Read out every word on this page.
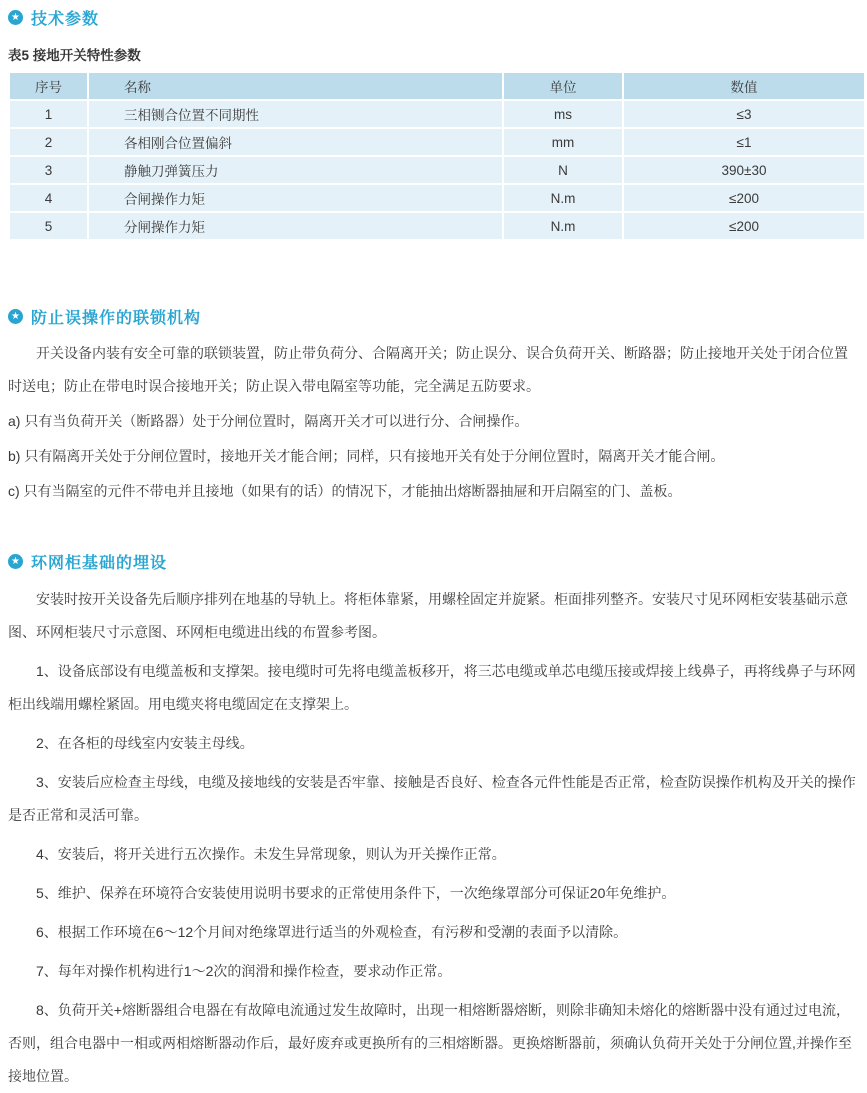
★ 技术参数

表5 接地开关特性参数

序号	名称	单位	数值
1	三相铡合位置不同期性	ms	≤3
2	各相刚合位置偏斜	mm	≤1
3	静触刀弹簧压力	N	390±30
4	合闸操作力矩	N.m	≤200
5	分闸操作力矩	N.m	≤200
★ 防止误操作的联锁机构

开关设备内装有安全可靠的联锁装置，防止带负荷分、合隔离开关；防止误分、误合负荷开关、断路器；防止接地开关处于闭合位置时送电；防止在带电时误合接地开关；防止误入带电隔室等功能，完全满足五防要求。

a) 只有当负荷开关（断路器）处于分闸位置时，隔离开关才可以进行分、合闸操作。

b) 只有隔离开关处于分闸位置时，接地开关才能合闸；同样，只有接地开关有处于分闸位置时，隔离开关才能合闸。

c) 只有当隔室的元件不带电并且接地（如果有的话）的情况下，才能抽出熔断器抽屉和开启隔室的门、盖板。

★ 环网柜基础的埋设

安装时按开关设备先后顺序排列在地基的导轨上。将柜体靠紧，用螺栓固定并旋紧。柜面排列整齐。安装尺寸见环网柜安装基础示意图、环网柜装尺寸示意图、环网柜电缆进出线的布置参考图。

1、设备底部设有电缆盖板和支撑架。接电缆时可先将电缆盖板移开，将三芯电缆或单芯电缆压接或焊接上线鼻子，再将线鼻子与环网柜出线端用螺栓紧固。用电缆夹将电缆固定在支撑架上。

2、在各柜的母线室内安装主母线。

3、安装后应检查主母线，电缆及接地线的安装是否牢靠、接触是否良好、检查各元件性能是否正常，检查防误操作机构及开关的操作是否正常和灵活可靠。

4、安装后，将开关进行五次操作。未发生异常现象，则认为开关操作正常。

5、维护、保养在环境符合安装使用说明书要求的正常使用条件下，一次绝缘罩部分可保证20年免维护。

6、根据工作环境在6～12个月间对绝缘罩进行适当的外观检查，有污秽和受潮的表面予以清除。

7、每年对操作机构进行1～2次的润滑和操作检查，要求动作正常。

8、负荷开关+熔断器组合电器在有故障电流通过发生故障时，出现一相熔断器熔断，则除非确知未熔化的熔断器中没有通过过电流，否则，组合电器中一相或两相熔断器动作后，最好废弃或更换所有的三相熔断器。更换熔断器前，须确认负荷开关处于分闸位置,并操作至接地位置。
